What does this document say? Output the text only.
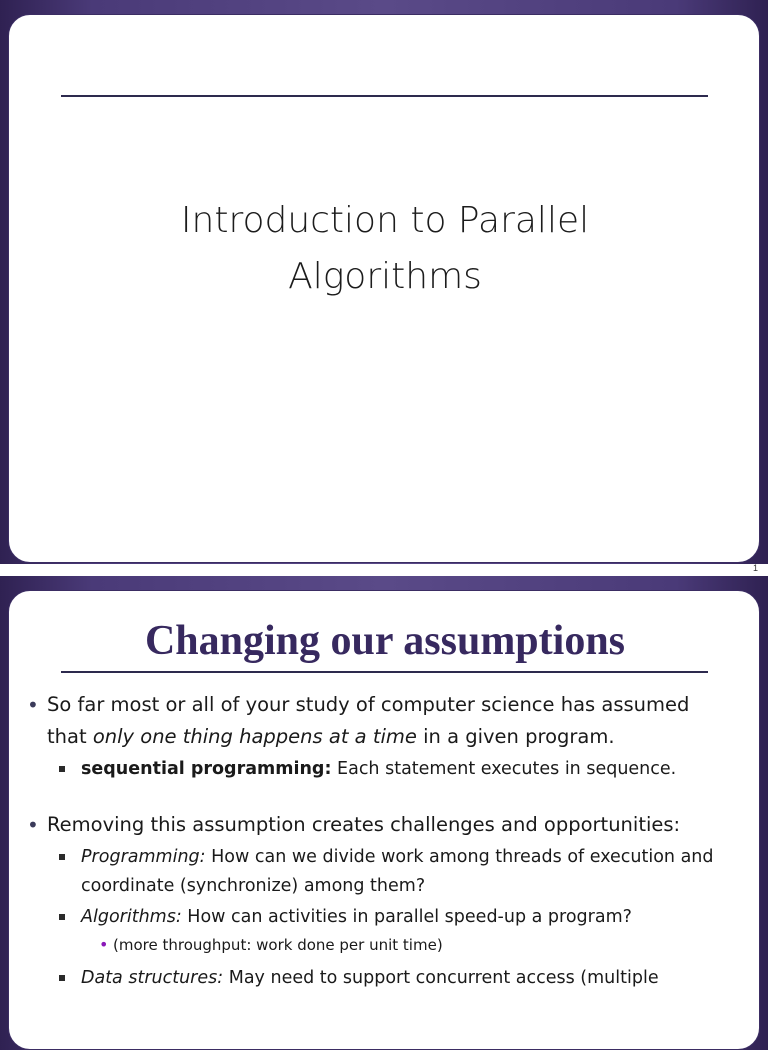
Introduction to Parallel
Algorithms
1
Changing our assumptions
• So far most or all of your study of computer science has assumed
that only one thing happens at a time in a given program.
sequential programming: Each statement executes in sequence.
• Removing this assumption creates challenges and opportunities:
Programming: How can we divide work among threads of execution and coordinate (synchronize) among them?
Algorithms: How can activities in parallel speed-up a program?
• (more throughput: work done per unit time)
Data structures: May need to support concurrent access (multiple
